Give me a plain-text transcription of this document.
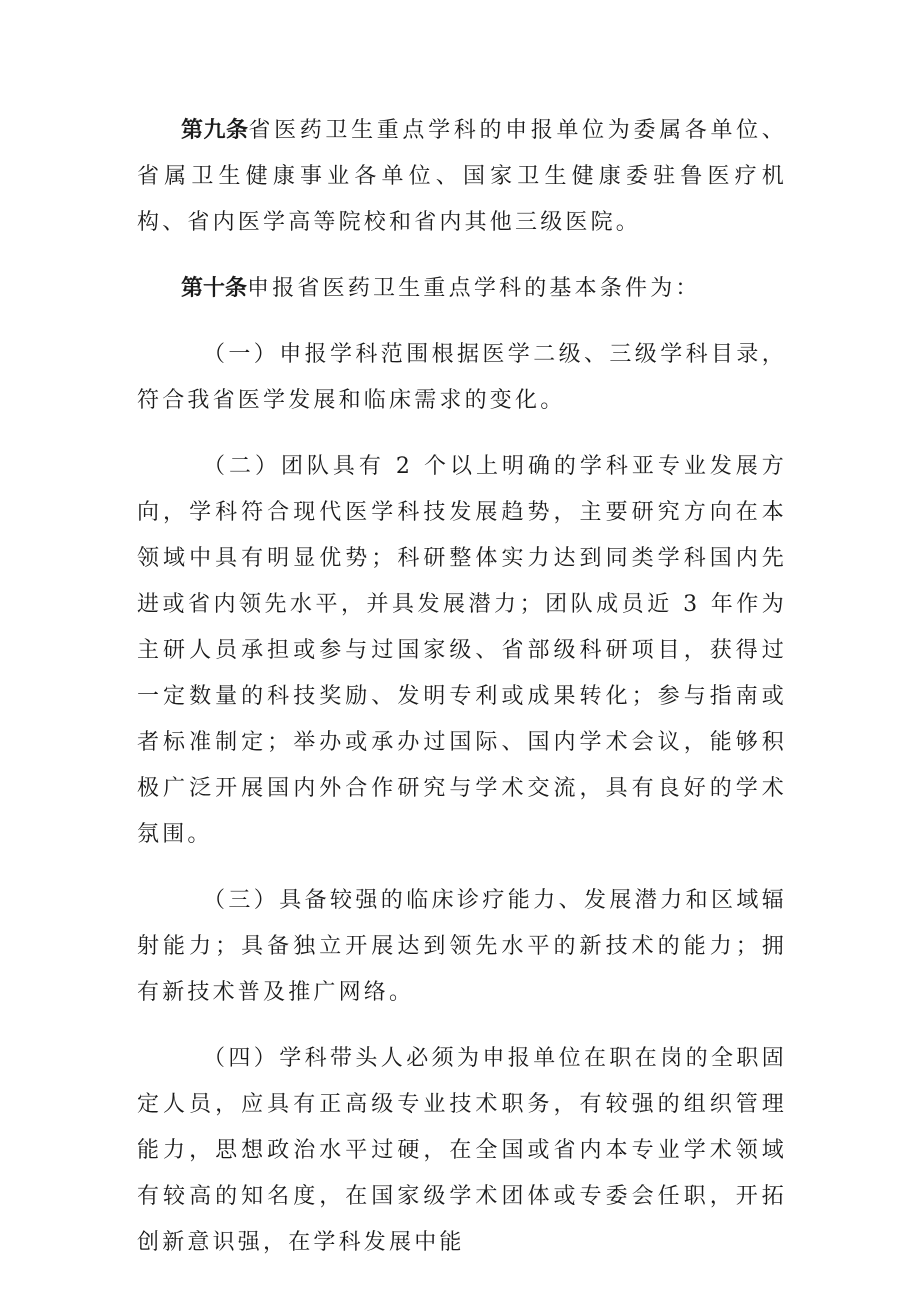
第九条省医药卫生重点学科的申报单位为委属各单位、省属卫生健康事业各单位、国家卫生健康委驻鲁医疗机构、省内医学高等院校和省内其他三级医院。

第十条申报省医药卫生重点学科的基本条件为：

（一）申报学科范围根据医学二级、三级学科目录，符合我省医学发展和临床需求的变化。

（二）团队具有 2 个以上明确的学科亚专业发展方向，学科符合现代医学科技发展趋势，主要研究方向在本领域中具有明显优势；科研整体实力达到同类学科国内先进或省内领先水平，并具发展潜力；团队成员近 3 年作为主研人员承担或参与过国家级、省部级科研项目，获得过一定数量的科技奖励、发明专利或成果转化；参与指南或者标准制定；举办或承办过国际、国内学术会议，能够积极广泛开展国内外合作研究与学术交流，具有良好的学术氛围。

（三）具备较强的临床诊疗能力、发展潜力和区域辐射能力；具备独立开展达到领先水平的新技术的能力；拥有新技术普及推广网络。

（四）学科带头人必须为申报单位在职在岗的全职固定人员，应具有正高级专业技术职务，有较强的组织管理能力，思想政治水平过硬，在全国或省内本专业学术领域有较高的知名度，在国家级学术团体或专委会任职，开拓创新意识强，在学科发展中能
